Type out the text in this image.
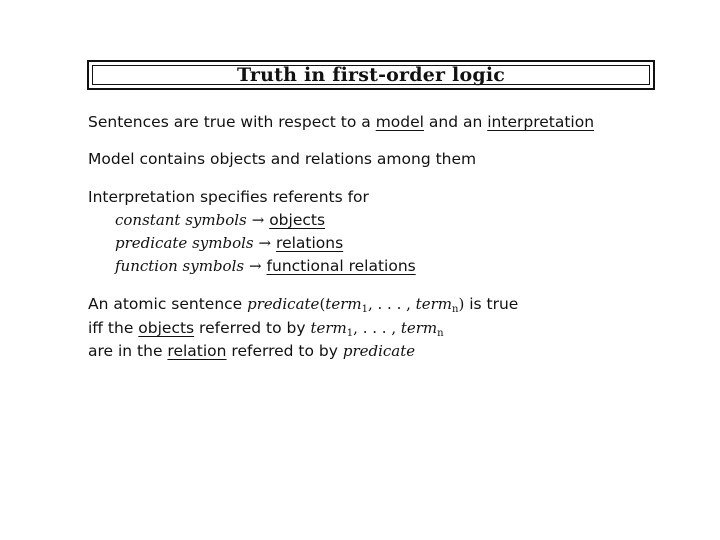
Truth in first-order logic
Sentences are true with respect to a model and an interpretation
Model contains objects and relations among them
Interpretation specifies referents for
constant symbols → objects
predicate symbols → relations
function symbols → functional relations
An atomic sentence predicate(term$_1$, . . . , term$_n$) is true
iff the objects referred to by term$_1$, . . . , term$_n$
are in the relation referred to by predicate
